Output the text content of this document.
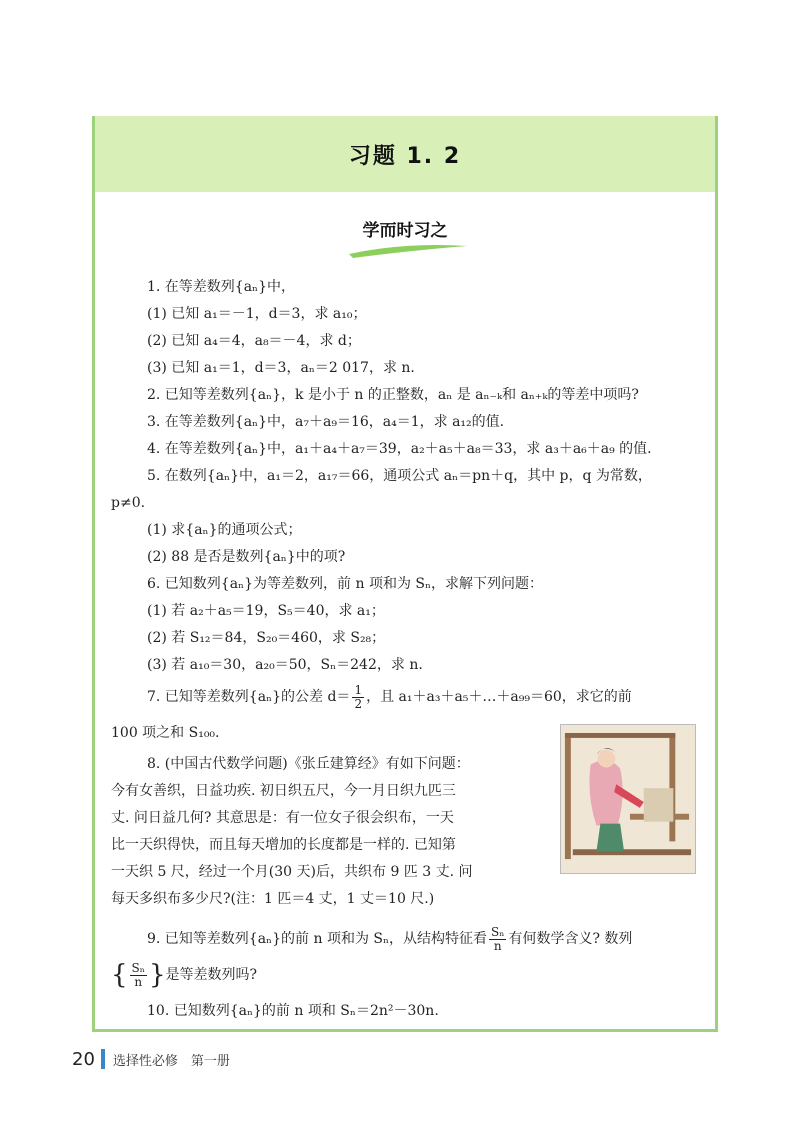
习题 1. 2
学而时习之
1. 在等差数列{aₙ}中，
(1) 已知 a₁＝－1，d＝3，求 a₁₀；
(2) 已知 a₄＝4，a₈＝－4，求 d；
(3) 已知 a₁＝1，d＝3，aₙ＝2 017，求 n.
2. 已知等差数列{aₙ}，k 是小于 n 的正整数，aₙ 是 aₙ₋ₖ和 aₙ₊ₖ的等差中项吗?
3. 在等差数列{aₙ}中，a₇＋a₉＝16，a₄＝1，求 a₁₂的值.
4. 在等差数列{aₙ}中，a₁＋a₄＋a₇＝39，a₂＋a₅＋a₈＝33，求 a₃＋a₆＋a₉ 的值.
5. 在数列{aₙ}中，a₁＝2，a₁₇＝66，通项公式 aₙ＝pn＋q，其中 p，q 为常数，
p≠0.
(1) 求{aₙ}的通项公式；
(2) 88 是否是数列{aₙ}中的项?
6. 已知数列{aₙ}为等差数列，前 n 项和为 Sₙ，求解下列问题：
(1) 若 a₂＋a₅＝19，S₅＝40，求 a₁；
(2) 若 S₁₂＝84，S₂₀＝460，求 S₂₈；
(3) 若 a₁₀＝30，a₂₀＝50，Sₙ＝242，求 n.
7. 已知等差数列{aₙ}的公差 $d= \frac{1}{2}$ ，且 a₁＋a₃＋a₅＋…＋a₉₉＝60，求它的前
100 项之和 S₁₀₀.
8. (中国古代数学问题)《张丘建算经》有如下问题：
今有女善织，日益功疾. 初日织五尺，今一月日织九匹三
丈. 问日益几何? 其意思是：有一位女子很会织布，一天
比一天织得快，而且每天增加的长度都是一样的. 已知第
一天织 5 尺，经过一个月(30 天)后，共织布 9 匹 3 丈. 问
每天多织布多少尺?(注：1 匹＝4 丈，1 丈＝10 尺.)
9. 已知等差数列{aₙ}的前 n 项和为 Sₙ，从结构特征看 $\frac{\text{Sₙ}}{n}$ 有何数学含义? 数列
{ $\frac{\text{Sₙ}}{n}$ }是等差数列吗?
10. 已知数列{aₙ}的前 n 项和 Sₙ＝2n²－30n.
20 选择性必修　第一册
